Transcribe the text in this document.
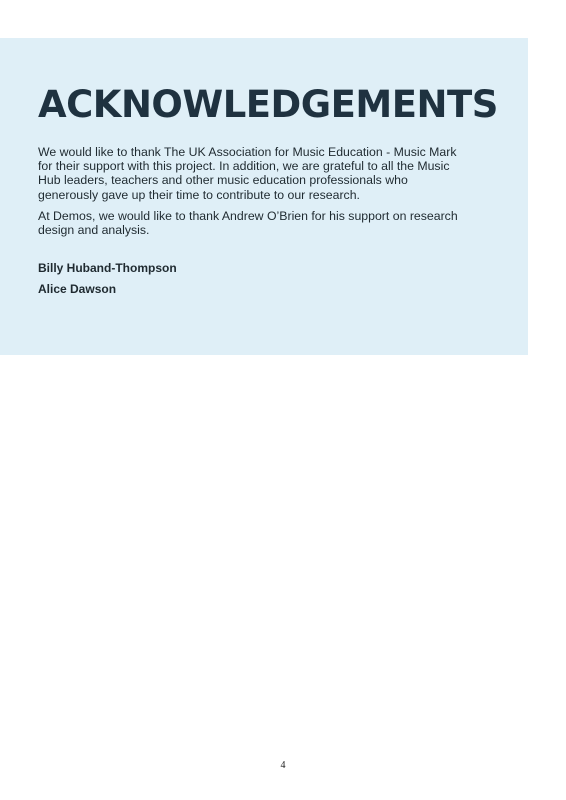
ACKNOWLEDGEMENTS

We would like to thank The UK Association for Music Education - Music Mark for their support with this project. In addition, we are grateful to all the Music Hub leaders, teachers and other music education professionals who generously gave up their time to contribute to our research.

At Demos, we would like to thank Andrew O’Brien for his support on research design and analysis.

Billy Huband-Thompson

Alice Dawson

4
